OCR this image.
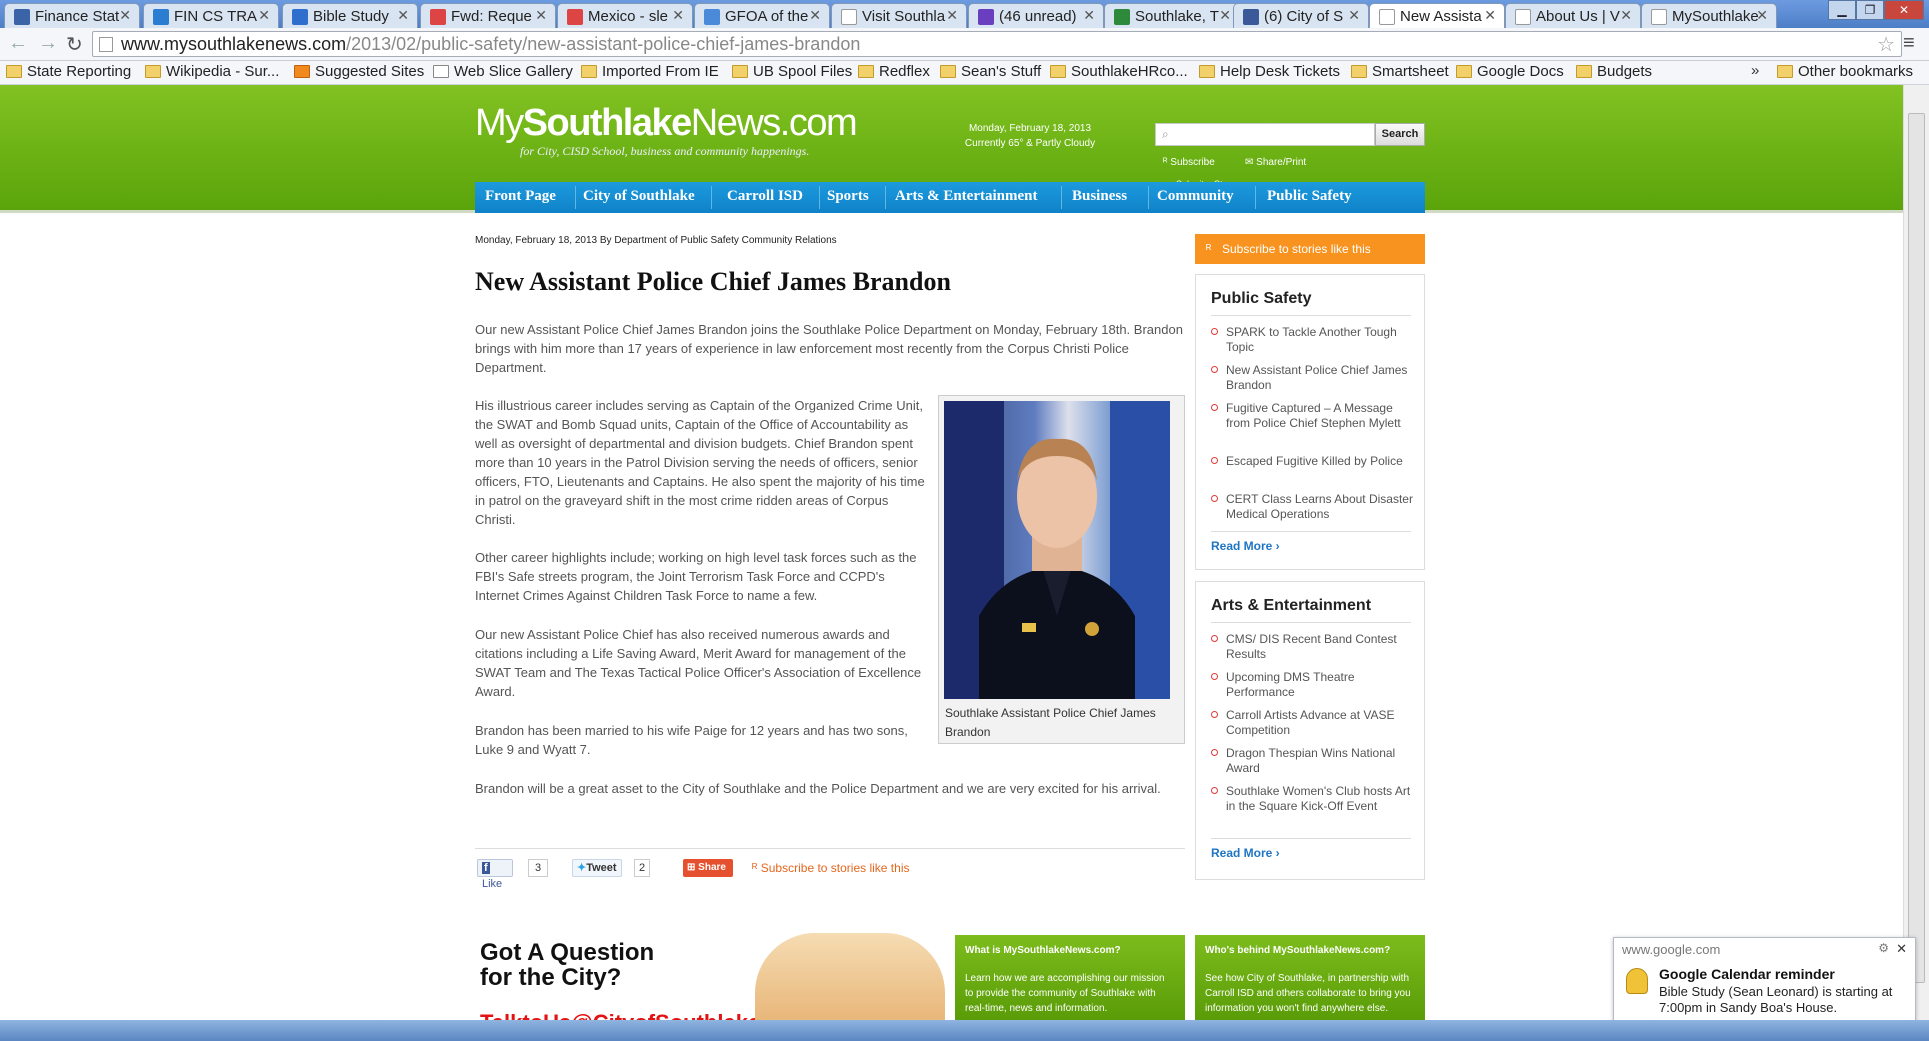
Finance Stat ✕	FIN CS TRA ✕	Bible Study ✕	Fwd: Reque ✕	Mexico - sle ✕	GFOA of the ✕	Visit Southla ✕	(46 unread) ✕	Southlake, T ✕	(6) City of S ✕	New Assista ✕	About Us | V ✕	MySouthlake
✕	▁	❐	✕
← → ↻	www.mysouthlakenews.com/2013/02/public-safety/new-assistant-police-chief-james-brandon	☆ ≡
State Reporting	Wikipedia - Sur...	Suggested Sites	Web Slice Gallery	Imported From IE	UB Spool Files	Redflex	Sean's Stuff	SouthlakeHRco...	Help Desk Tickets	Smartsheet	Google Docs	Budgets	»	Other bookmarks
MySouthlakeNews.com
for City, CISD School, business and community happenings.
Monday, February 18, 2013
Currently 65° & Partly Cloudy
⌕	Search
ᴿ Subscribe	✉ Share/Print
Front Page City of Southlake Carroll ISD Sports Arts & Entertainment Business Community Public Safety
Monday, February 18, 2013 By Department of Public Safety Community Relations
New Assistant Police Chief James Brandon
Our new Assistant Police Chief James Brandon joins the Southlake Police Department on Monday, February 18th. Brandon brings with him more than 17 years of experience in law enforcement most recently from the Corpus Christi Police Department.
His illustrious career includes serving as Captain of the Organized Crime Unit, the SWAT and Bomb Squad units, Captain of the Office of Accountability as well as oversight of departmental and division budgets. Chief Brandon spent more than 10 years in the Patrol Division serving the needs of officers, senior officers, FTO, Lieutenants and Captains. He also spent the majority of his time in patrol on the graveyard shift in the most crime ridden areas of Corpus Christi.
Other career highlights include; working on high level task forces such as the FBI's Safe streets program, the Joint Terrorism Task Force and CCPD's Internet Crimes Against Children Task Force to name a few.
Our new Assistant Police Chief has also received numerous awards and citations including a Life Saving Award, Merit Award for management of the SWAT Team and The Texas Tactical Police Officer's Association of Excellence Award.
Brandon has been married to his wife Paige for 12 years and has two sons, Luke 9 and Wyatt 7.
Brandon will be a great asset to the City of Southlake and the Police Department and we are very excited for his arrival.
Southlake Assistant Police Chief James Brandon
f Like
3	✦Tweet	2	⊞ Share	ᴿ Subscribe to stories like this
ᴿ Subscribe to stories like this
Public Safety
SPARK to Tackle Another Tough Topic
New Assistant Police Chief James Brandon
Fugitive Captured – A Message from Police Chief Stephen Mylett
Escaped Fugitive Killed by Police
CERT Class Learns About Disaster Medical Operations
Read More ›
Arts & Entertainment
CMS/ DIS Recent Band Contest Results
Upcoming DMS Theatre Performance
Carroll Artists Advance at VASE Competition
Dragon Thespian Wins National Award
Southlake Women's Club hosts Art in the Square Kick-Off Event
Read More ›
Got A Question for the City?
What is MySouthlakeNews.com?
Learn how we are accomplishing our mission to provide the community of Southlake with real-time, news and information.
Who's behind MySouthlakeNews.com?
See how City of Southlake, in partnership with Carroll ISD and others collaborate to bring you information you won't find anywhere else.
www.google.com	⚙ ✕
Google Calendar reminder
Bible Study (Sean Leonard) is starting at 7:00pm in Sandy Boa's House.
